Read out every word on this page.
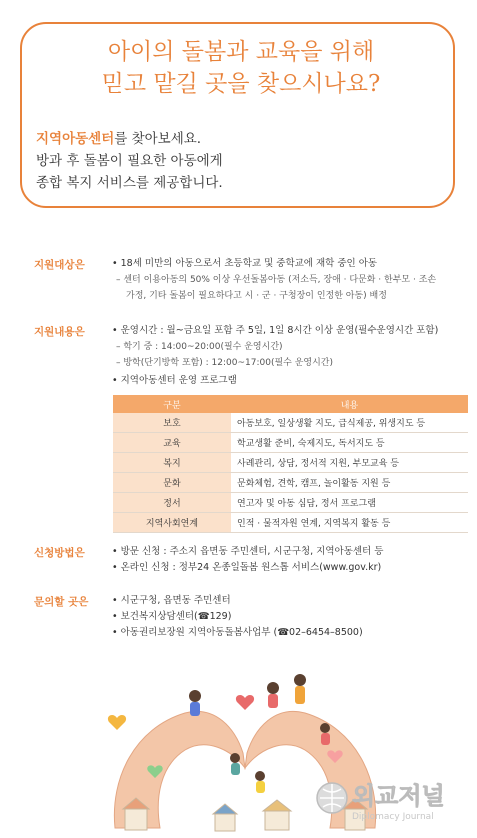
아이의 돌봄과 교육을 위해
믿고 맡길 곳을 찾으시나요?
지역아동센터를 찾아보세요.
방과 후 돌봄이 필요한 아동에게
종합 복지 서비스를 제공합니다.
지원대상은	• 18세 미만의 아동으로서 초등학교 및 중학교에 재학 중인 아동
– 센터 이용아동의 50% 이상 우선돌봄아동 (저소득, 장애 · 다문화 · 한부모 · 조손
가정, 기타 돌봄이 필요하다고 시 · 군 · 구청장이 인정한 아동) 배정
지원내용은	• 운영시간 : 월~금요일 포함 주 5일, 1일 8시간 이상 운영(필수운영시간 포함)
– 학기 중 : 14:00~20:00(필수 운영시간)
– 방학(단기방학 포함) : 12:00~17:00(필수 운영시간)
• 지역아동센터 운영 프로그램
구분	내용
보호	아동보호, 일상생활 지도, 급식제공, 위생지도 등
교육	학교생활 준비, 숙제지도, 독서지도 등
복지	사례관리, 상담, 정서적 지원, 부모교육 등
문화	문화체험, 견학, 캠프, 놀이활동 지원 등
정서	연고자 및 아동 심담, 정서 프로그램
지역사회연계	인적 · 물적자원 연계, 지역복지 활동 등
신청방법은	• 방문 신청 : 주소지 읍면동 주민센터, 시군구청, 지역아동센터 등
• 온라인 신청 : 정부24 온종일돌봄 원스톱 서비스(www.gov.kr)
문의할 곳은	• 시군구청, 읍면동 주민센터
• 보건복지상담센터(☎129)
• 아동권리보장원 지역아동돌봄사업부 (☎02–6454–8500)
외교저널
Diplomacy Journal
